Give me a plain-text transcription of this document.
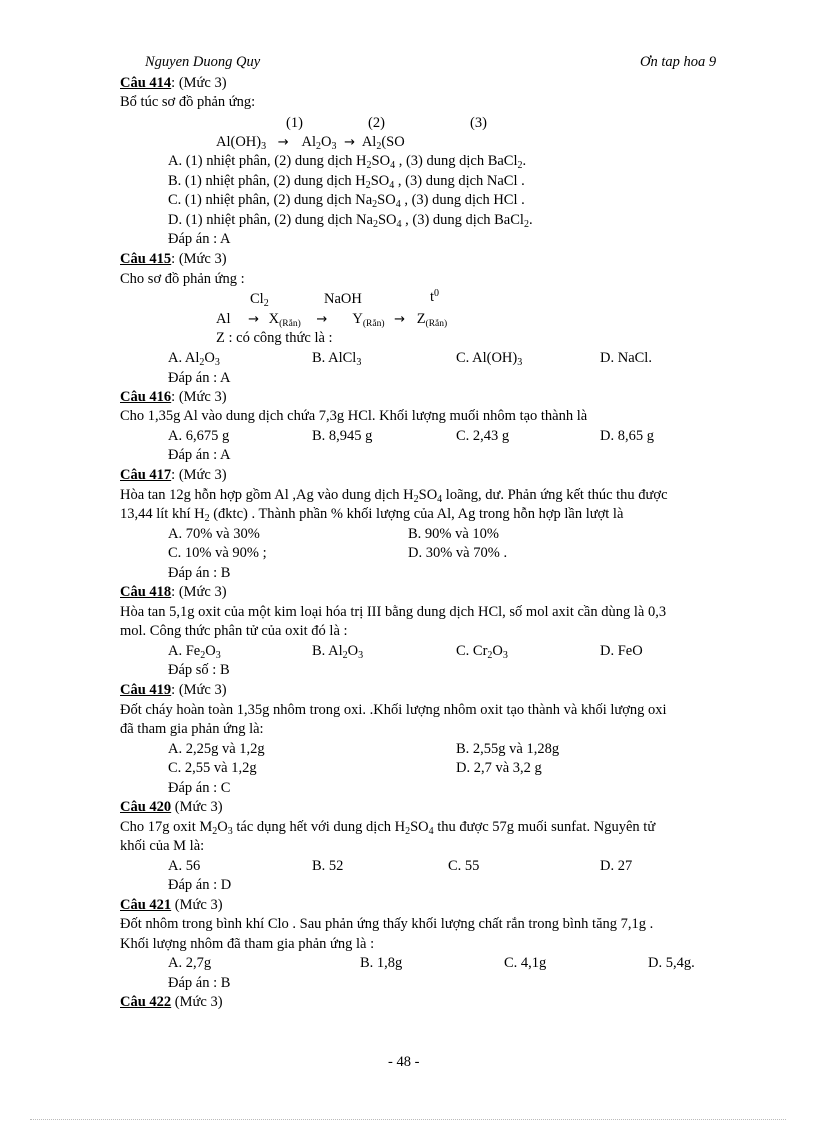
Nguyen Duong Quy	Ơn tap hoa 9
Câu 414: (Mức 3)
Bổ túc sơ đồ phản ứng:
(1)	(2)	(3)
$Al(OH)_3 \to Al_2O_3 \to Al_2(SO$
A. (1) nhiệt phân, (2) dung dịch $H_2SO_4$ , (3) dung dịch BaCl$_2$.
B. (1) nhiệt phân, (2) dung dịch $H_2SO_4$ , (3) dung dịch NaCl .
C. (1) nhiệt phân, (2) dung dịch $Na_2SO_4$ , (3) dung dịch HCl .
D. (1) nhiệt phân, (2) dung dịch $Na_2SO_4$ , (3) dung dịch BaCl$_2$.
Đáp án : A
Câu 415: (Mức 3)
Cho sơ đồ phản ứng :
$Cl_2$	NaOH	$t^0$
$Al \to X_{(Rắn)} \to Y_{(Rắn)} \to Z_{(Rắn)}$
Z : có công thức là :
A. $Al_2O_3$	B. AlCl$_3$	C. $Al(OH)_3$	D. NaCl.
Đáp án : A
Câu 416: (Mức 3)
Cho 1,35g Al vào dung dịch chứa 7,3g HCl. Khối lượng muối nhôm tạo thành là
A. 6,675 g	B. 8,945 g	C. 2,43 g	D. 8,65 g
Đáp án : A
Câu 417: (Mức 3)
Hòa tan 12g hỗn hợp gồm Al ,Ag vào dung dịch $H_2SO_4$ loãng, dư. Phản ứng kết thúc thu được
13,44 lít khí $H_2$ (đktc) . Thành phần % khối lượng của Al, Ag trong hỗn hợp lần lượt là
A. 70% và 30%	B. 90% và 10%
C. 10% và 90% ;	D. 30% và 70% .
Đáp án : B
Câu 418: (Mức 3)
Hòa tan 5,1g oxit của một kim loại hóa trị III bằng dung dịch HCl, số mol axit cần dùng là 0,3
mol. Công thức phân tử của oxit đó là :
A. $Fe_2O_3$	B. $Al_2O_3$	C. $Cr_2O_3$	D. FeO
Đáp số : B
Câu 419: (Mức 3)
Đốt cháy hoàn toàn 1,35g nhôm trong oxi. .Khối lượng nhôm oxit tạo thành và khối lượng oxi
đã tham gia phản ứng là:
A. 2,25g và 1,2g	B. 2,55g và 1,28g
C. 2,55 và 1,2g	D. 2,7 và 3,2 g
Đáp án : C
Câu 420 (Mức 3)
Cho 17g oxit $M_2O_3$ tác dụng hết với dung dịch $H_2SO_4$ thu được 57g muối sunfat. Nguyên tử
khối của M là:
A. 56	B. 52	C. 55	D. 27
Đáp án : D
Câu 421 (Mức 3)
Đốt nhôm trong bình khí Clo . Sau phản ứng thấy khối lượng chất rắn trong bình tăng 7,1g .
Khối lượng nhôm đã tham gia phản ứng là :
A. 2,7g	B. 1,8g	C. 4,1g	D. 5,4g.
Đáp án : B
Câu 422 (Mức 3)
- 48 -
